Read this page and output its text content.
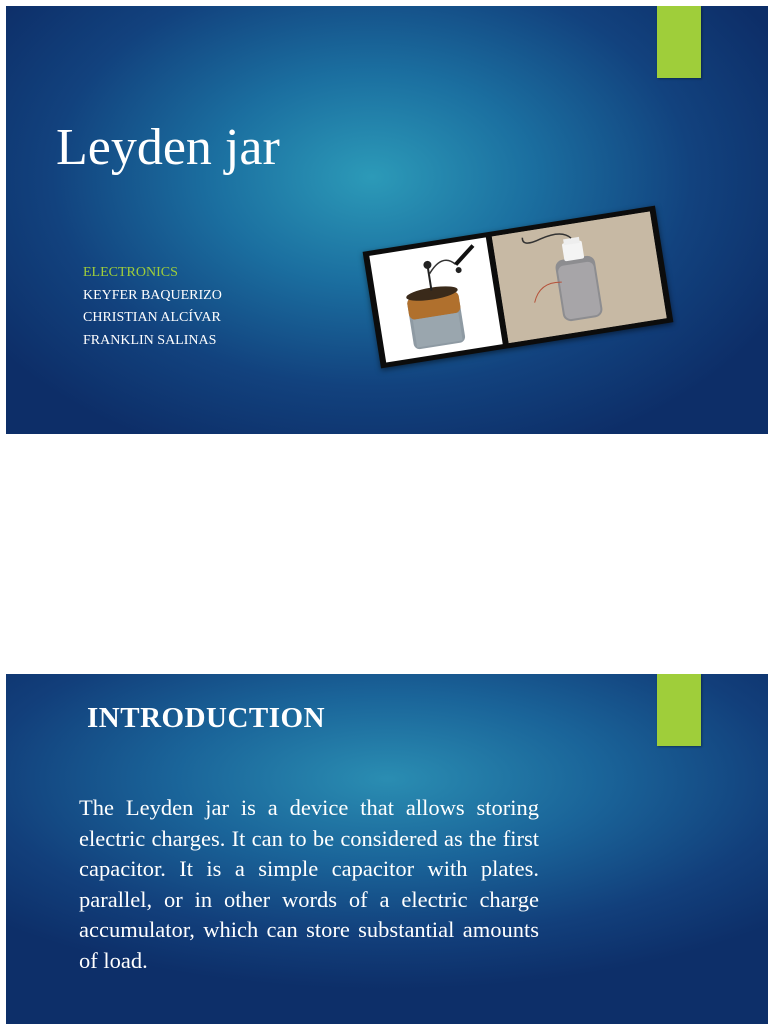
Leyden jar
ELECTRONICS
KEYFER BAQUERIZO
CHRISTIAN ALCÍVAR
FRANKLIN SALINAS
INTRODUCTION

The Leyden jar is a device that allows storing electric charges. It can to be considered as the first capacitor. It is a simple capacitor with plates. parallel, or in other words of a electric charge accumulator, which can store substantial amounts of load.
